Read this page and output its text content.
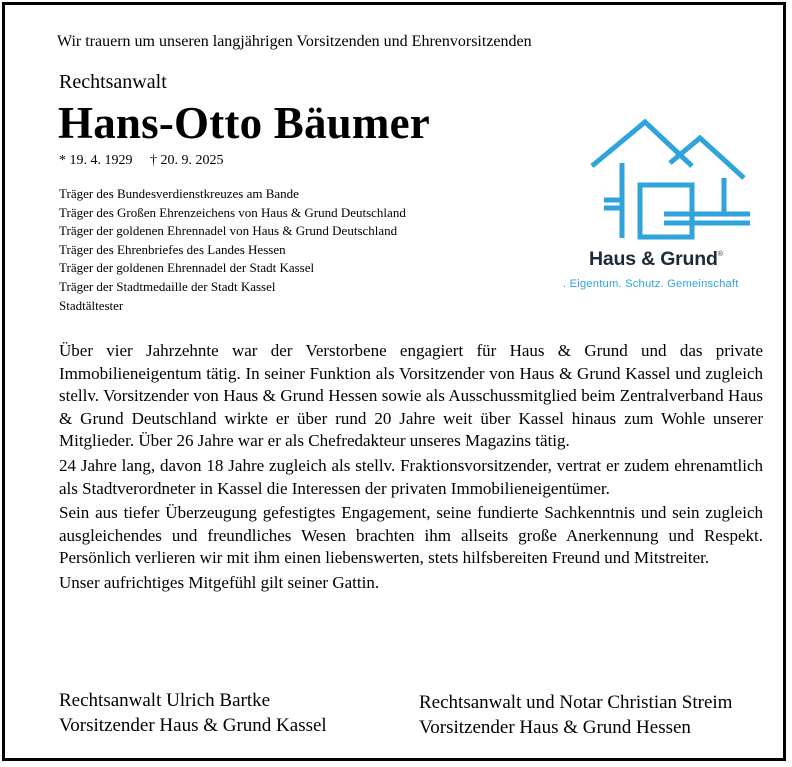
Wir trauern um unseren langjährigen Vorsitzenden und Ehrenvorsitzenden
Rechtsanwalt
Hans-Otto Bäumer
* 19. 4. 1929 † 20. 9. 2025
Träger des Bundesverdienstkreuzes am Bande
Träger des Großen Ehrenzeichens von Haus & Grund Deutschland
Träger der goldenen Ehrennadel von Haus & Grund Deutschland
Träger des Ehrenbriefes des Landes Hessen
Träger der goldenen Ehrennadel der Stadt Kassel
Träger der Stadtmedaille der Stadt Kassel
Stadtältester
Haus & Grund®
. Eigentum. Schutz. Gemeinschaft

Über vier Jahrzehnte war der Verstorbene engagiert für Haus & Grund und das private Immobilieneigentum tätig. In seiner Funktion als Vorsitzender von Haus & Grund Kassel und zugleich stellv. Vorsitzender von Haus & Grund Hessen sowie als Ausschussmitglied beim Zentralverband Haus & Grund Deutschland wirkte er über rund 20 Jahre weit über Kassel hinaus zum Wohle unserer Mitglieder. Über 26 Jahre war er als Chefredakteur unseres Magazins tätig.

24 Jahre lang, davon 18 Jahre zugleich als stellv. Fraktionsvorsitzender, vertrat er zudem ehrenamtlich als Stadtverordneter in Kassel die Interessen der privaten Immobilieneigentümer.

Sein aus tiefer Überzeugung gefestigtes Engagement, seine fundierte Sachkenntnis und sein zugleich ausgleichendes und freundliches Wesen brachten ihm allseits große Anerkennung und Respekt. Persönlich verlieren wir mit ihm einen liebenswerten, stets hilfsbereiten Freund und Mitstreiter.

Unser aufrichtiges Mitgefühl gilt seiner Gattin.

Rechtsanwalt Ulrich Bartke
Vorsitzender Haus & Grund Kassel
Rechtsanwalt und Notar Christian Streim
Vorsitzender Haus & Grund Hessen
